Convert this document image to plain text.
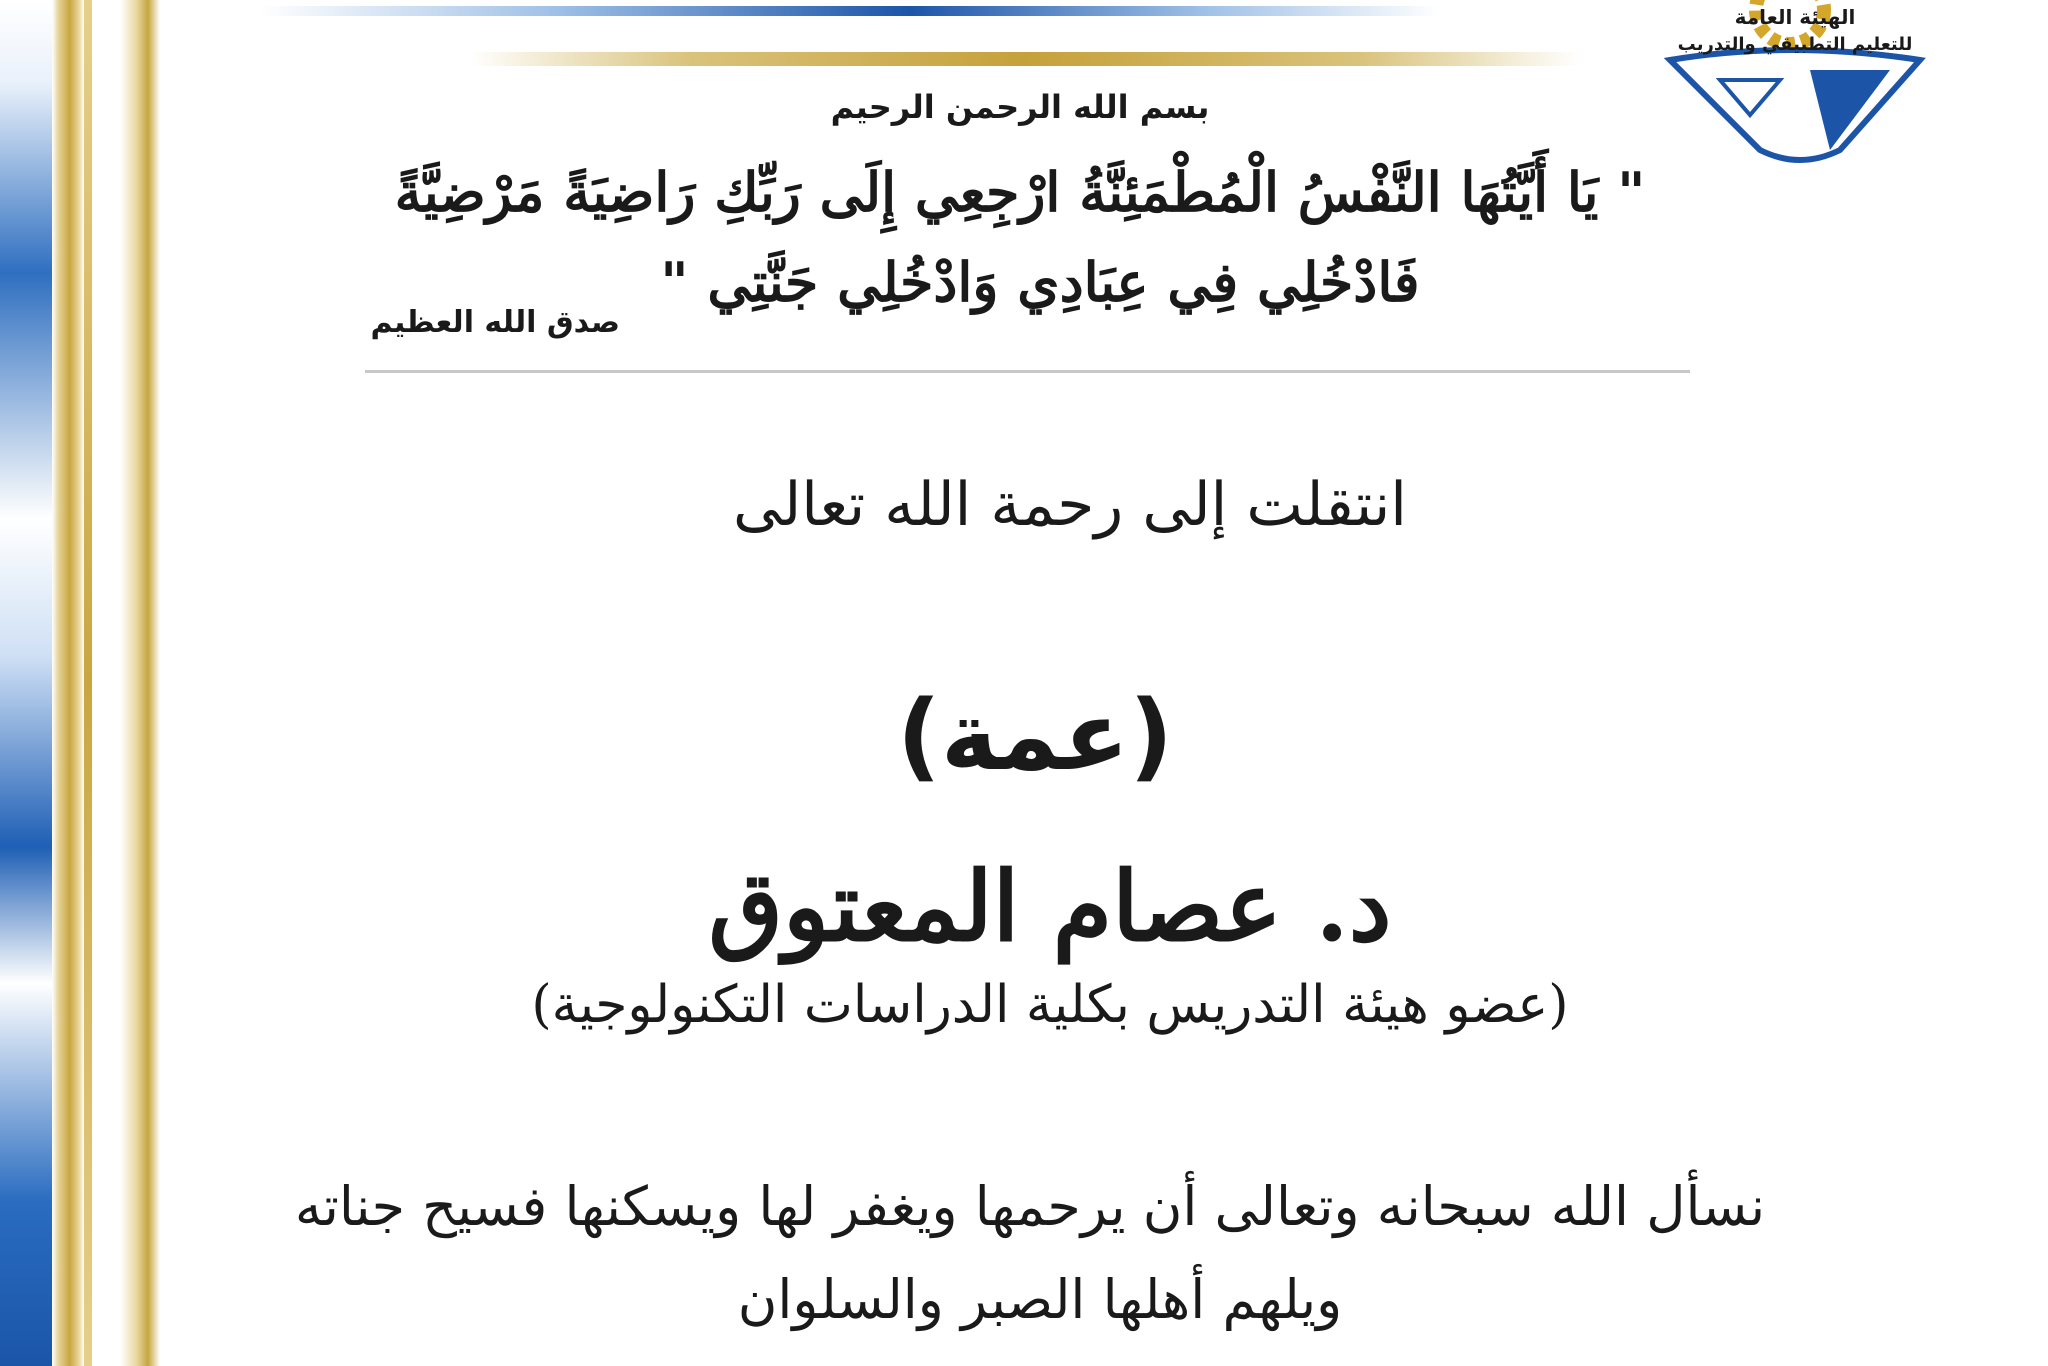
الهيئة العامة
للتعليم التطبيقي والتدريب
بسم الله الرحمن الرحيم
" يَا أَيَّتُهَا النَّفْسُ الْمُطْمَئِنَّةُ ارْجِعِي إِلَى رَبِّكِ رَاضِيَةً مَرْضِيَّةً
فَادْخُلِي فِي عِبَادِي وَادْخُلِي جَنَّتِي "
صدق الله العظيم
انتقلت إلى رحمة الله تعالى
(عمة)
د. عصام المعتوق
(عضو هيئة التدريس بكلية الدراسات التكنولوجية)
نسأل الله سبحانه وتعالى أن يرحمها ويغفر لها ويسكنها فسيح جناته
ويلهم أهلها الصبر والسلوان
